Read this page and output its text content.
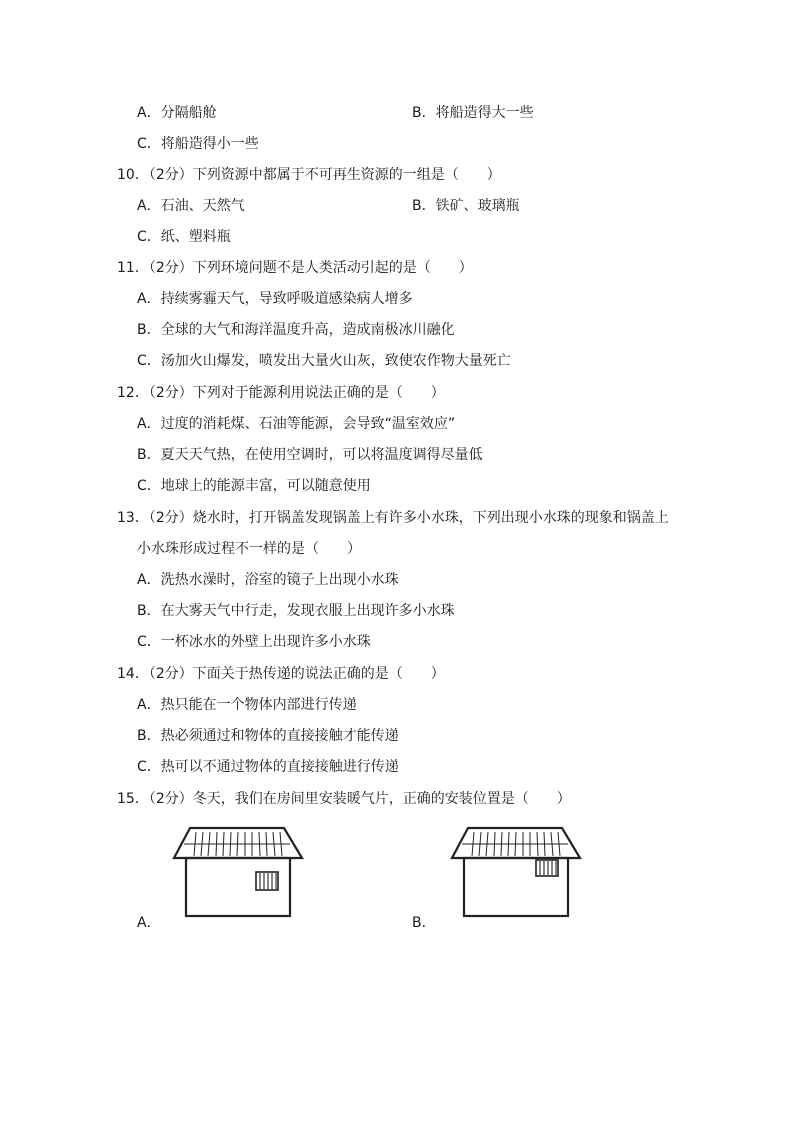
A．分隔船舱	B．将船造得大一些
C．将船造得小一些
10．（2分）下列资源中都属于不可再生资源的一组是（　　）
A．石油、天然气	B．铁矿、玻璃瓶
C．纸、塑料瓶
11．（2分）下列环境问题不是人类活动引起的是（　　）
A．持续雾霾天气，导致呼吸道感染病人增多
B．全球的大气和海洋温度升高，造成南极冰川融化
C．汤加火山爆发，喷发出大量火山灰，致使农作物大量死亡
12．（2分）下列对于能源利用说法正确的是（　　）
A．过度的消耗煤、石油等能源，会导致“温室效应”
B．夏天天气热，在使用空调时，可以将温度调得尽量低
C．地球上的能源丰富，可以随意使用
13．（2分）烧水时，打开锅盖发现锅盖上有许多小水珠，下列出现小水珠的现象和锅盖上
小水珠形成过程不一样的是（　　）
A．洗热水澡时，浴室的镜子上出现小水珠
B．在大雾天气中行走，发现衣服上出现许多小水珠
C．一杯冰水的外壁上出现许多小水珠
14．（2分）下面关于热传递的说法正确的是（　　）
A．热只能在一个物体内部进行传递
B．热必须通过和物体的直接接触才能传递
C．热可以不通过物体的直接接触进行传递
15．（2分）冬天，我们在房间里安装暖气片，正确的安装位置是（　　）
A．	B．
